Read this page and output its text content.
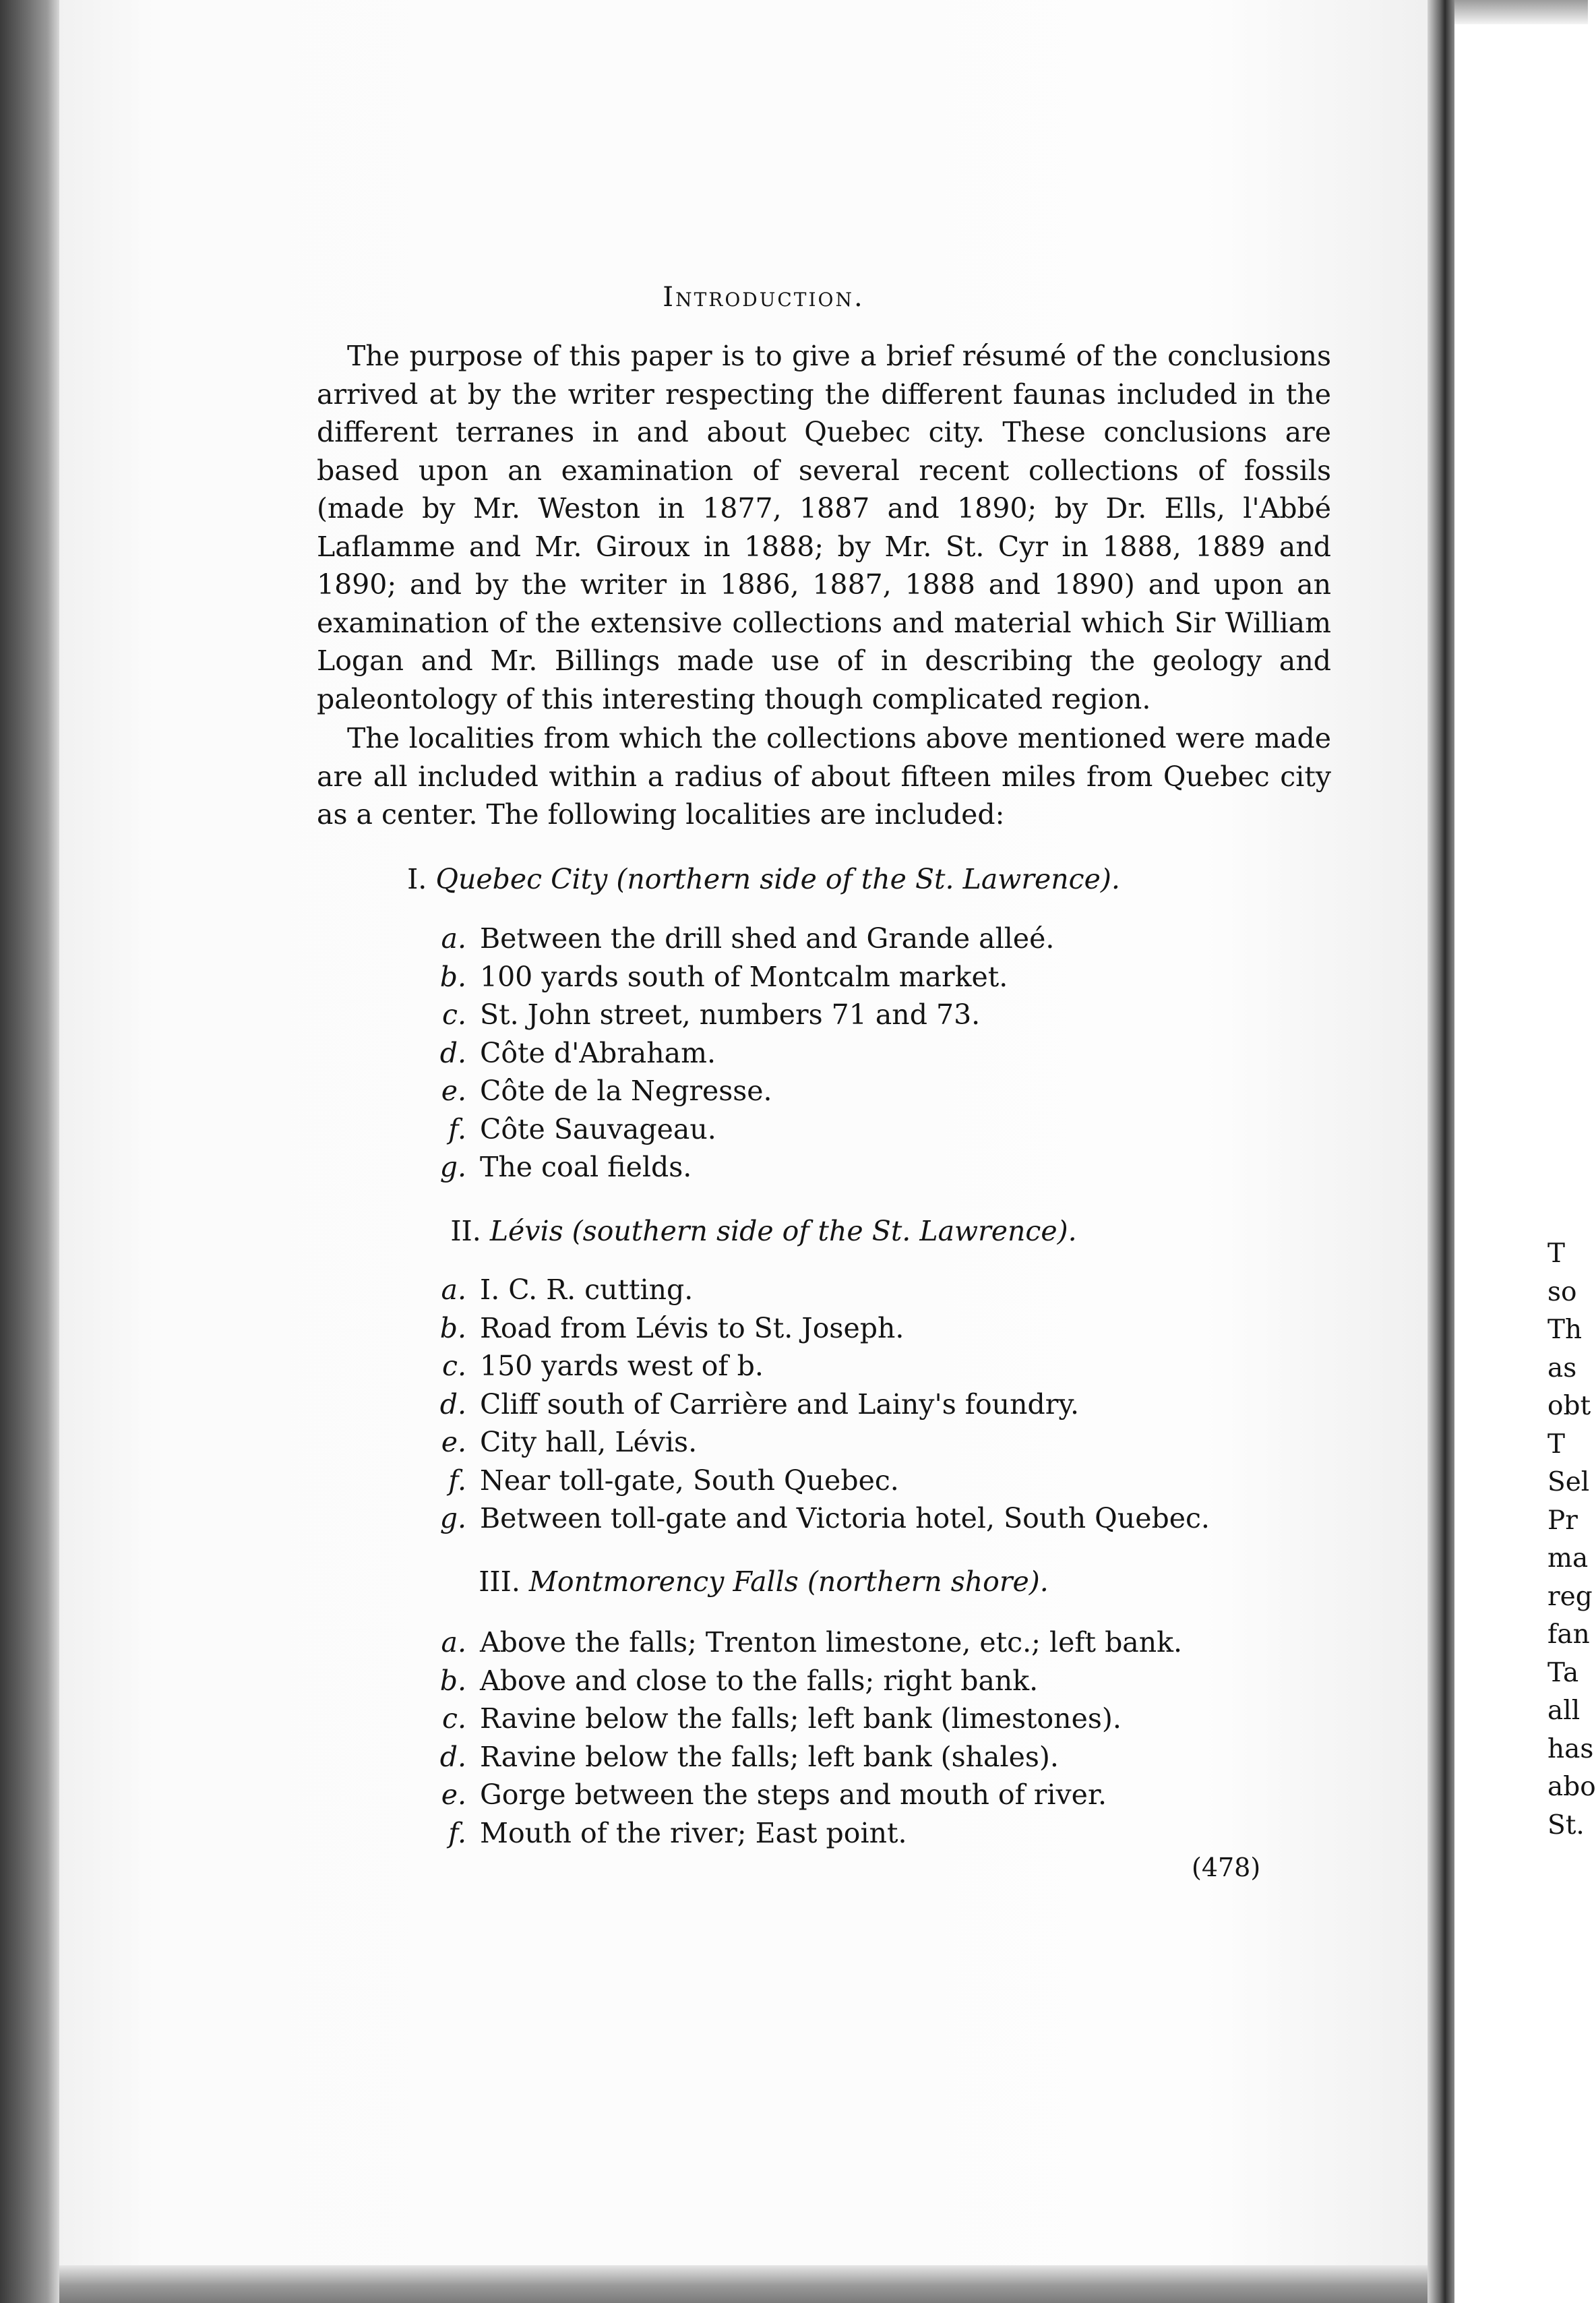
Introduction.

The purpose of this paper is to give a brief résumé of the conclusions arrived at by the writer respecting the different faunas included in the different terranes in and about Quebec city. These conclusions are based upon an examination of several recent collections of fossils (made by Mr. Weston in 1877, 1887 and 1890; by Dr. Ells, l'Abbé Laflamme and Mr. Giroux in 1888; by Mr. St. Cyr in 1888, 1889 and 1890; and by the writer in 1886, 1887, 1888 and 1890) and upon an examination of the extensive collections and material which Sir William Logan and Mr. Billings made use of in describing the geology and paleontology of this interesting though complicated region.

The localities from which the collections above mentioned were made are all included within a radius of about fifteen miles from Quebec city as a center. The following localities are included:

I. Quebec City (northern side of the St. Lawrence).
a. Between the drill shed and Grande alleé.
b. 100 yards south of Montcalm market.
c. St. John street, numbers 71 and 73.
d. Côte d'Abraham.
e. Côte de la Negresse.
f. Côte Sauvageau.
g. The coal fields.
II. Lévis (southern side of the St. Lawrence).
a. I. C. R. cutting.
b. Road from Lévis to St. Joseph.
c. 150 yards west of b.
d. Cliff south of Carrière and Lainy's foundry.
e. City hall, Lévis.
f. Near toll-gate, South Quebec.
g. Between toll-gate and Victoria hotel, South Quebec.
III. Montmorency Falls (northern shore).
a. Above the falls; Trenton limestone, etc.; left bank.
b. Above and close to the falls; right bank.
c. Ravine below the falls; left bank (limestones).
d. Ravine below the falls; left bank (shales).
e. Gorge between the steps and mouth of river.
f. Mouth of the river; East point.
(478)
T
so
Th
as
obt
T
Sel
Pr
ma
reg
fan
Ta
all
has
abo
St.
